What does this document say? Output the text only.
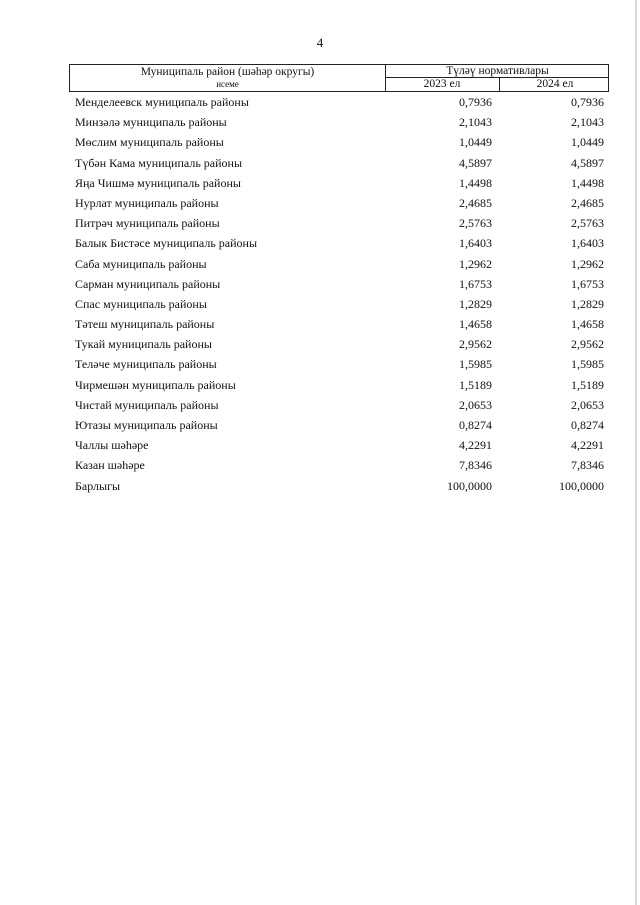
4
Муниципаль район (шәһәр округы)
исеме
Түләү нормативлары
2023 ел	2024 ел
Менделеевск муниципаль районы	0,7936	0,7936
Минзәлә муниципаль районы	2,1043	2,1043
Мөслим муниципаль районы	1,0449	1,0449
Түбән Кама муниципаль районы	4,5897	4,5897
Яңа Чишмә муниципаль районы	1,4498	1,4498
Нурлат муниципаль районы	2,4685	2,4685
Питрәч муниципаль районы	2,5763	2,5763
Балык Бистәсе муниципаль районы	1,6403	1,6403
Саба муниципаль районы	1,2962	1,2962
Сарман муниципаль районы	1,6753	1,6753
Спас муниципаль районы	1,2829	1,2829
Тәтеш муниципаль районы	1,4658	1,4658
Тукай муниципаль районы	2,9562	2,9562
Теләче муниципаль районы	1,5985	1,5985
Чирмешән муниципаль районы	1,5189	1,5189
Чистай муниципаль районы	2,0653	2,0653
Ютазы муниципаль районы	0,8274	0,8274
Чаллы шәһәре	4,2291	4,2291
Казан шәһәре	7,8346	7,8346
Барлыгы	100,0000	100,0000
